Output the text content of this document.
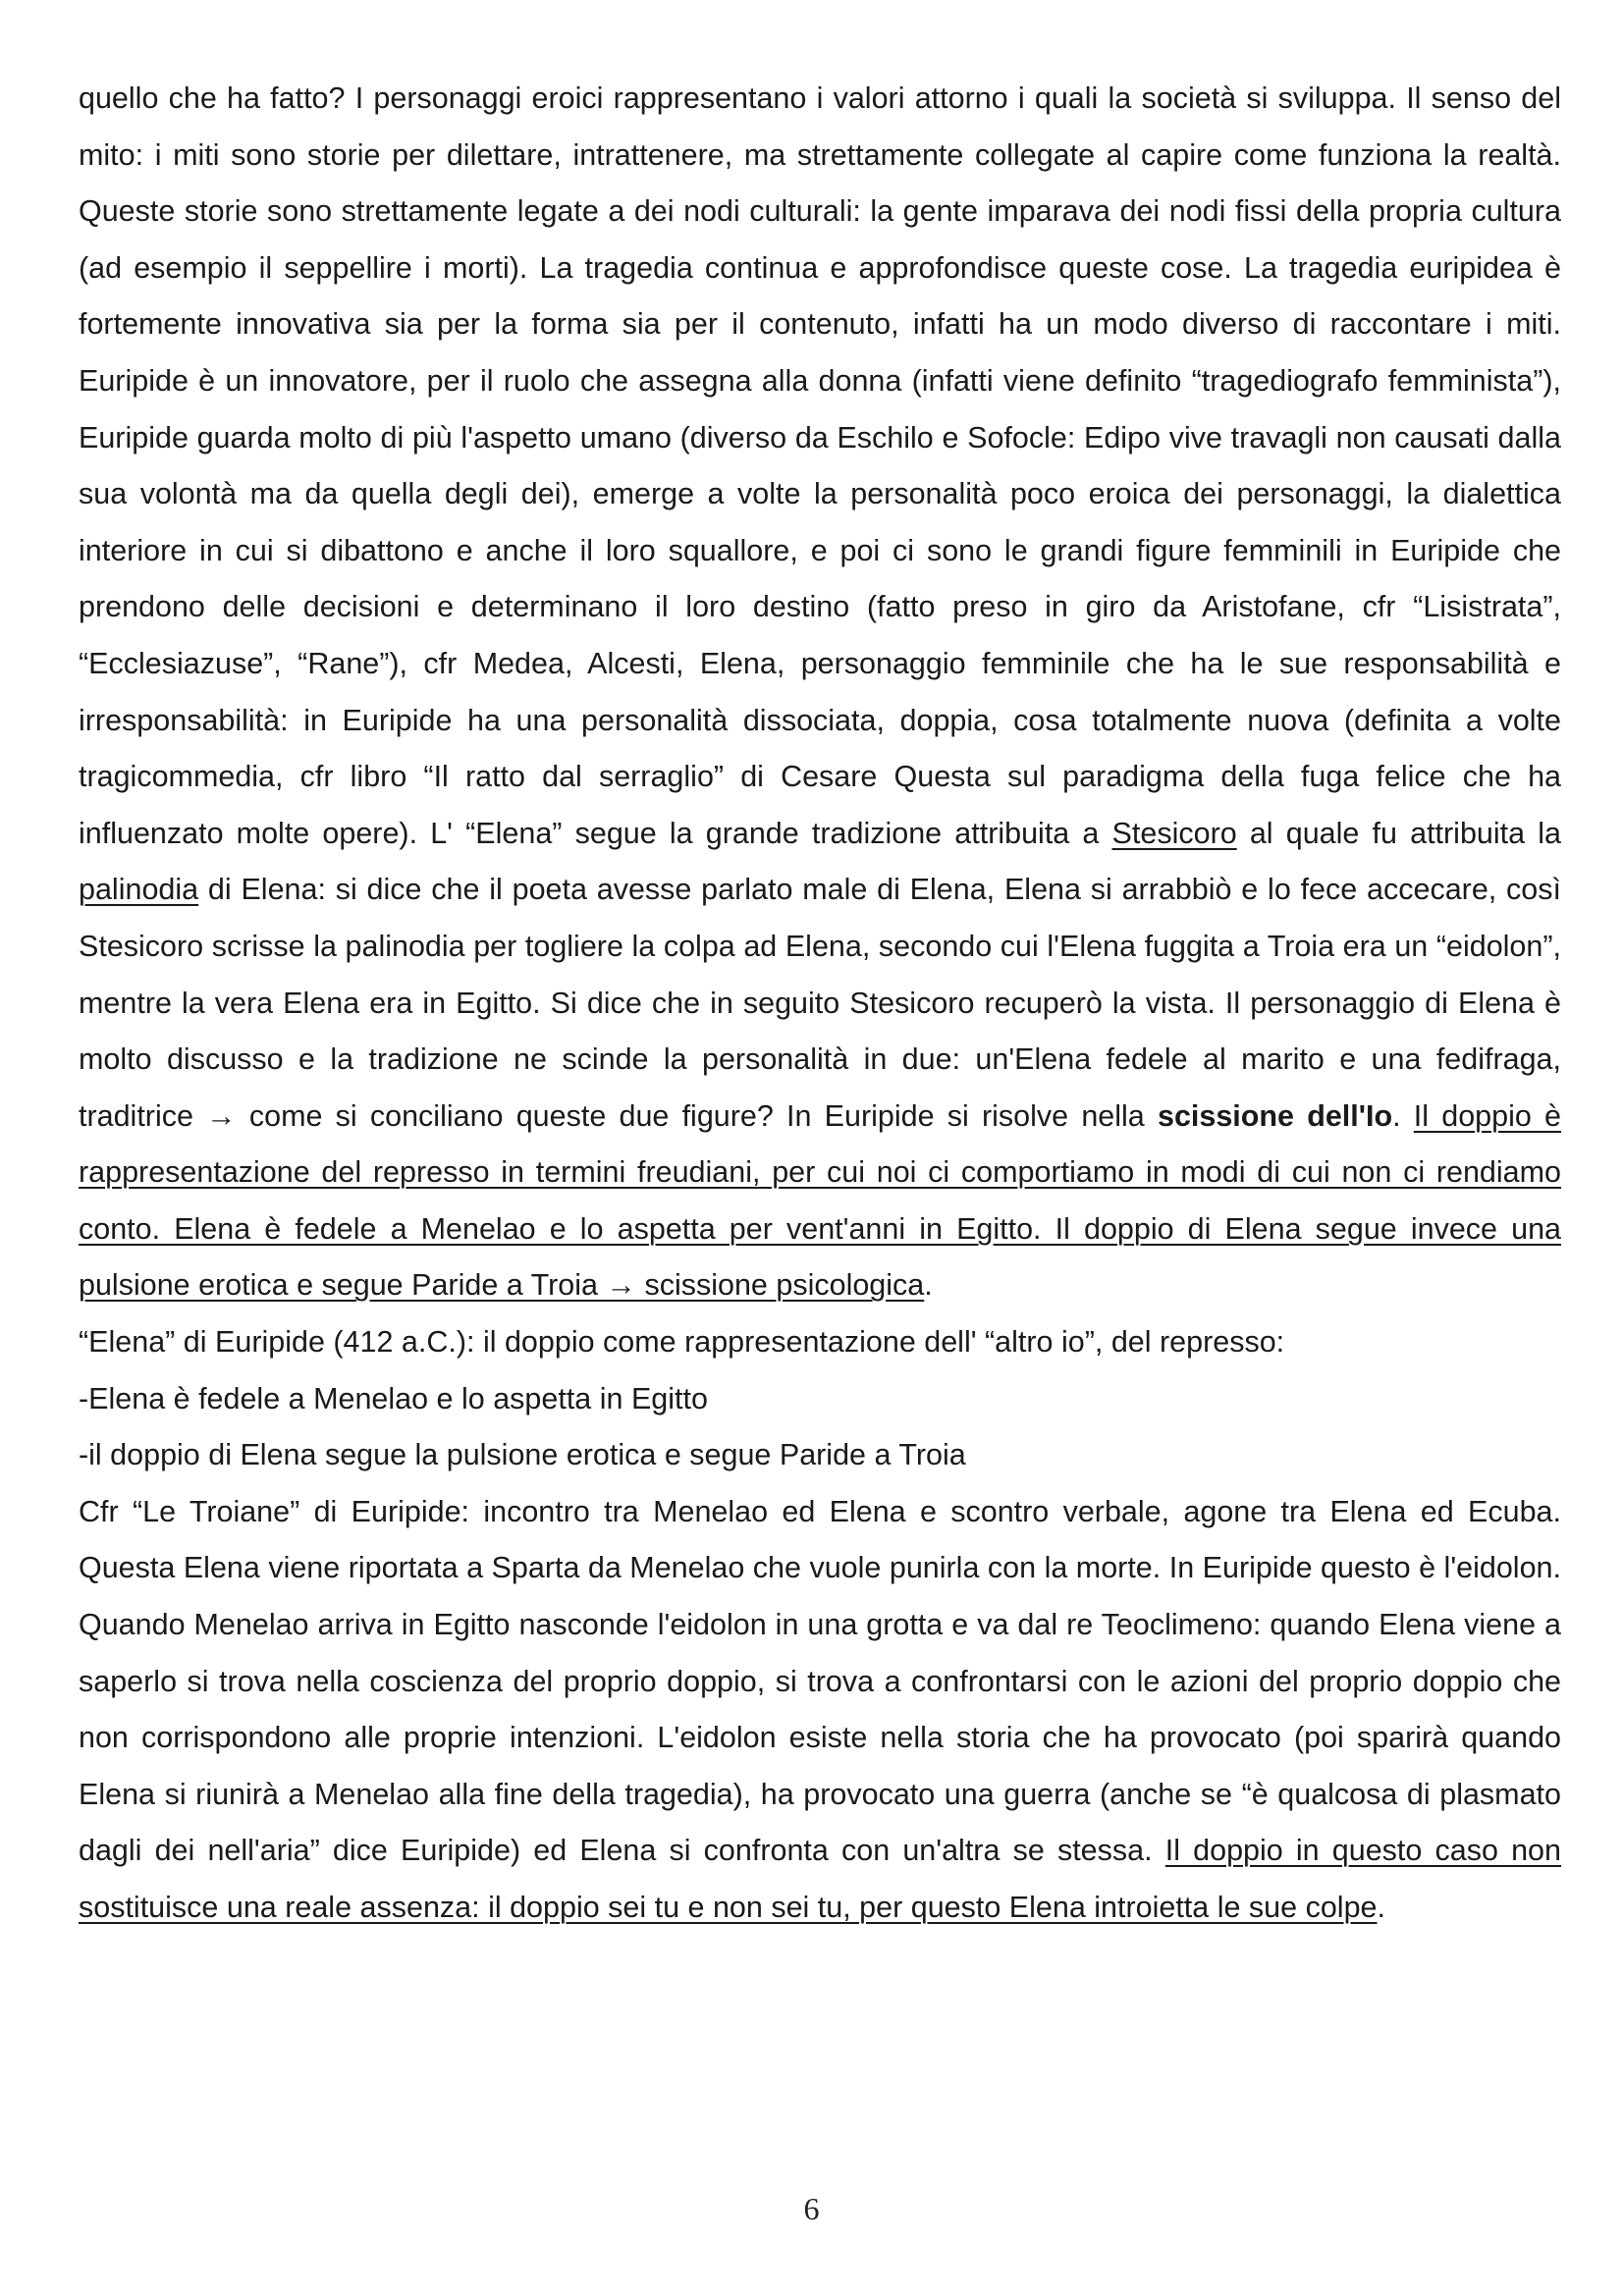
quello che ha fatto? I personaggi eroici rappresentano i valori attorno i quali la società si sviluppa. Il senso del mito: i miti sono storie per dilettare, intrattenere, ma strettamente collegate al capire come funziona la realtà. Queste storie sono strettamente legate a dei nodi culturali: la gente imparava dei nodi fissi della propria cultura (ad esempio il seppellire i morti). La tragedia continua e approfondisce queste cose. La tragedia euripidea è fortemente innovativa sia per la forma sia per il contenuto, infatti ha un modo diverso di raccontare i miti. Euripide è un innovatore, per il ruolo che assegna alla donna (infatti viene definito “tragediografo femminista”), Euripide guarda molto di più l'aspetto umano (diverso da Eschilo e Sofocle: Edipo vive travagli non causati dalla sua volontà ma da quella degli dei), emerge a volte la personalità poco eroica dei personaggi, la dialettica interiore in cui si dibattono e anche il loro squallore, e poi ci sono le grandi figure femminili in Euripide che prendono delle decisioni e determinano il loro destino (fatto preso in giro da Aristofane, cfr “Lisistrata”, “Ecclesiazuse”, “Rane”), cfr Medea, Alcesti, Elena, personaggio femminile che ha le sue responsabilità e irresponsabilità: in Euripide ha una personalità dissociata, doppia, cosa totalmente nuova (definita a volte tragicommedia, cfr libro “Il ratto dal serraglio” di Cesare Questa sul paradigma della fuga felice che ha influenzato molte opere). L' “Elena” segue la grande tradizione attribuita a Stesicoro al quale fu attribuita la palinodia di Elena: si dice che il poeta avesse parlato male di Elena, Elena si arrabbiò e lo fece accecare, così Stesicoro scrisse la palinodia per togliere la colpa ad Elena, secondo cui l'Elena fuggita a Troia era un “eidolon”, mentre la vera Elena era in Egitto. Si dice che in seguito Stesicoro recuperò la vista. Il personaggio di Elena è molto discusso e la tradizione ne scinde la personalità in due: un'Elena fedele al marito e una fedifraga, traditrice → come si conciliano queste due figure? In Euripide si risolve nella scissione dell'Io. Il doppio è rappresentazione del represso in termini freudiani, per cui noi ci comportiamo in modi di cui non ci rendiamo conto. Elena è fedele a Menelao e lo aspetta per vent'anni in Egitto. Il doppio di Elena segue invece una pulsione erotica e segue Paride a Troia → scissione psicologica.

“Elena” di Euripide (412 a.C.): il doppio come rappresentazione dell' “altro io”, del represso:

-Elena è fedele a Menelao e lo aspetta in Egitto

-il doppio di Elena segue la pulsione erotica e segue Paride a Troia

Cfr “Le Troiane” di Euripide: incontro tra Menelao ed Elena e scontro verbale, agone tra Elena ed Ecuba. Questa Elena viene riportata a Sparta da Menelao che vuole punirla con la morte. In Euripide questo è l'eidolon. Quando Menelao arriva in Egitto nasconde l'eidolon in una grotta e va dal re Teoclimeno: quando Elena viene a saperlo si trova nella coscienza del proprio doppio, si trova a confrontarsi con le azioni del proprio doppio che non corrispondono alle proprie intenzioni. L'eidolon esiste nella storia che ha provocato (poi sparirà quando Elena si riunirà a Menelao alla fine della tragedia), ha provocato una guerra (anche se “è qualcosa di plasmato dagli dei nell'aria” dice Euripide) ed Elena si confronta con un'altra se stessa. Il doppio in questo caso non sostituisce una reale assenza: il doppio sei tu e non sei tu, per questo Elena introietta le sue colpe.

6
